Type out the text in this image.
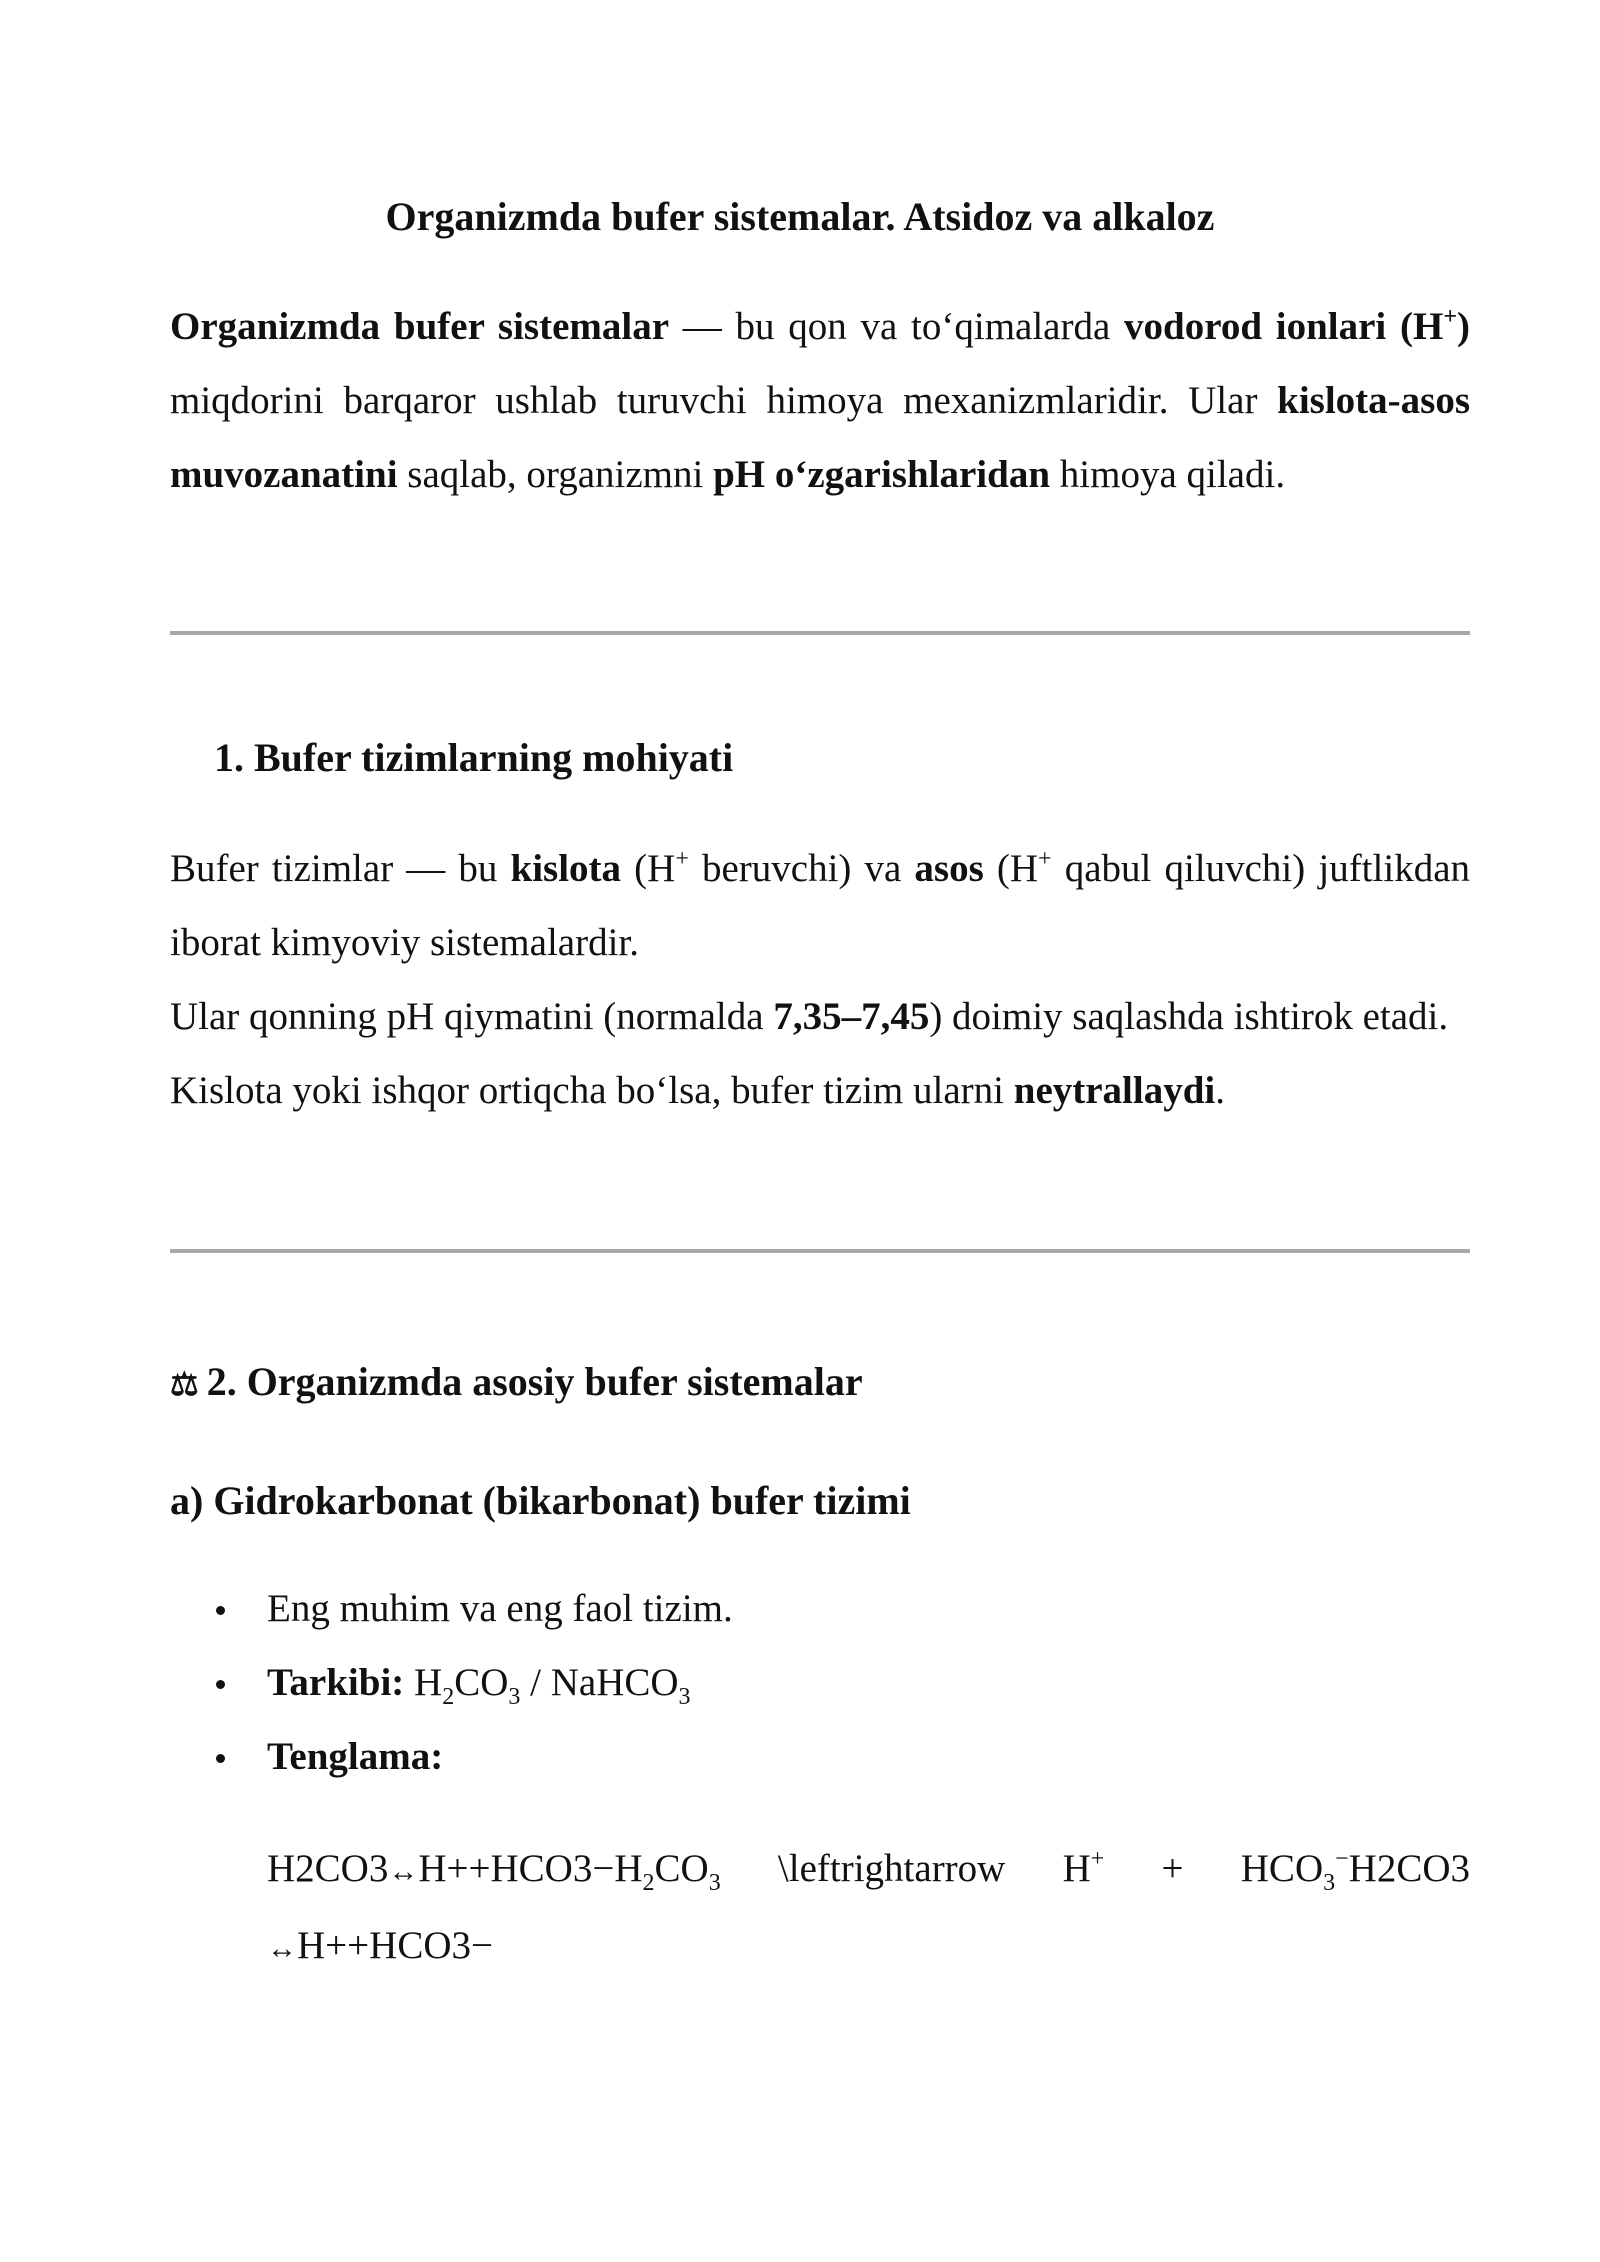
Organizmda bufer sistemalar. Atsidoz va alkaloz
Organizmda bufer sistemalar — bu qon va to‘qimalarda vodorod ionlari (H+) miqdorini barqaror ushlab turuvchi himoya mexanizmlaridir. Ular kislota-asos muvozanatini saqlab, organizmni pH o‘zgarishlaridan himoya qiladi.
1. Bufer tizimlarning mohiyati
Bufer tizimlar — bu kislota (H+ beruvchi) va asos (H+ qabul qiluvchi) juftlikdan iborat kimyoviy sistemalardir.
Ular qonning pH qiymatini (normalda 7,35–7,45) doimiy saqlashda ishtirok etadi.
Kislota yoki ishqor ortiqcha bo‘lsa, bufer tizim ularni neytrallaydi.
⚖ 2. Organizmda asosiy bufer sistemalar
a) Gidrokarbonat (bikarbonat) bufer tizimi
Eng muhim va eng faol tizim.
Tarkibi: $H_2CO_3$ / NaHCO$_3$
Tenglama:
$H2CO3\leftrightarrow H++HCO3-H_2CO_3$ \leftrightarrow $H^+ + HCO_3^-H2CO3$
↔H++HCO3−
